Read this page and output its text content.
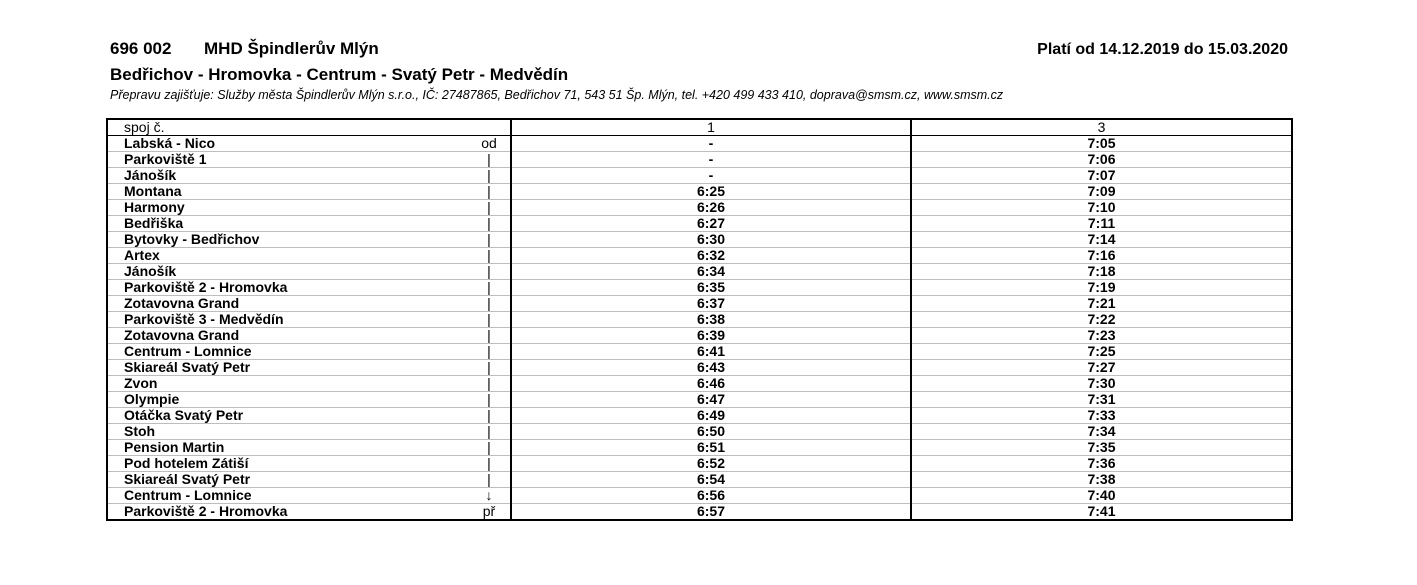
696 002 MHD Špindlerův Mlýn	Platí od 14.12.2019 do 15.03.2020
Bedřichov - Hromovka - Centrum - Svatý Petr - Medvědín
Přepravu zajišťuje: Služby města Špindlerův Mlýn s.r.o., IČ: 27487865, Bedřichov 71, 543 51 Šp. Mlýn, tel. +420 499 433 410, doprava@smsm.cz, www.smsm.cz
spoj č.	1	3
Labská - Nico od	-	7:05
Parkoviště 1 |	-	7:06
Jánošík |	-	7:07
Montana |	6:25	7:09
Harmony |	6:26	7:10
Bedřiška |	6:27	7:11
Bytovky - Bedřichov |	6:30	7:14
Artex |	6:32	7:16
Jánošík |	6:34	7:18
Parkoviště 2 - Hromovka |	6:35	7:19
Zotavovna Grand |	6:37	7:21
Parkoviště 3 - Medvědín |	6:38	7:22
Zotavovna Grand |	6:39	7:23
Centrum - Lomnice |	6:41	7:25
Skiareál Svatý Petr |	6:43	7:27
Zvon |	6:46	7:30
Olympie |	6:47	7:31
Otáčka Svatý Petr |	6:49	7:33
Stoh |	6:50	7:34
Pension Martin |	6:51	7:35
Pod hotelem Zátiší |	6:52	7:36
Skiareál Svatý Petr |	6:54	7:38
Centrum - Lomnice ↓	6:56	7:40
Parkoviště 2 - Hromovka př	6:57	7:41
